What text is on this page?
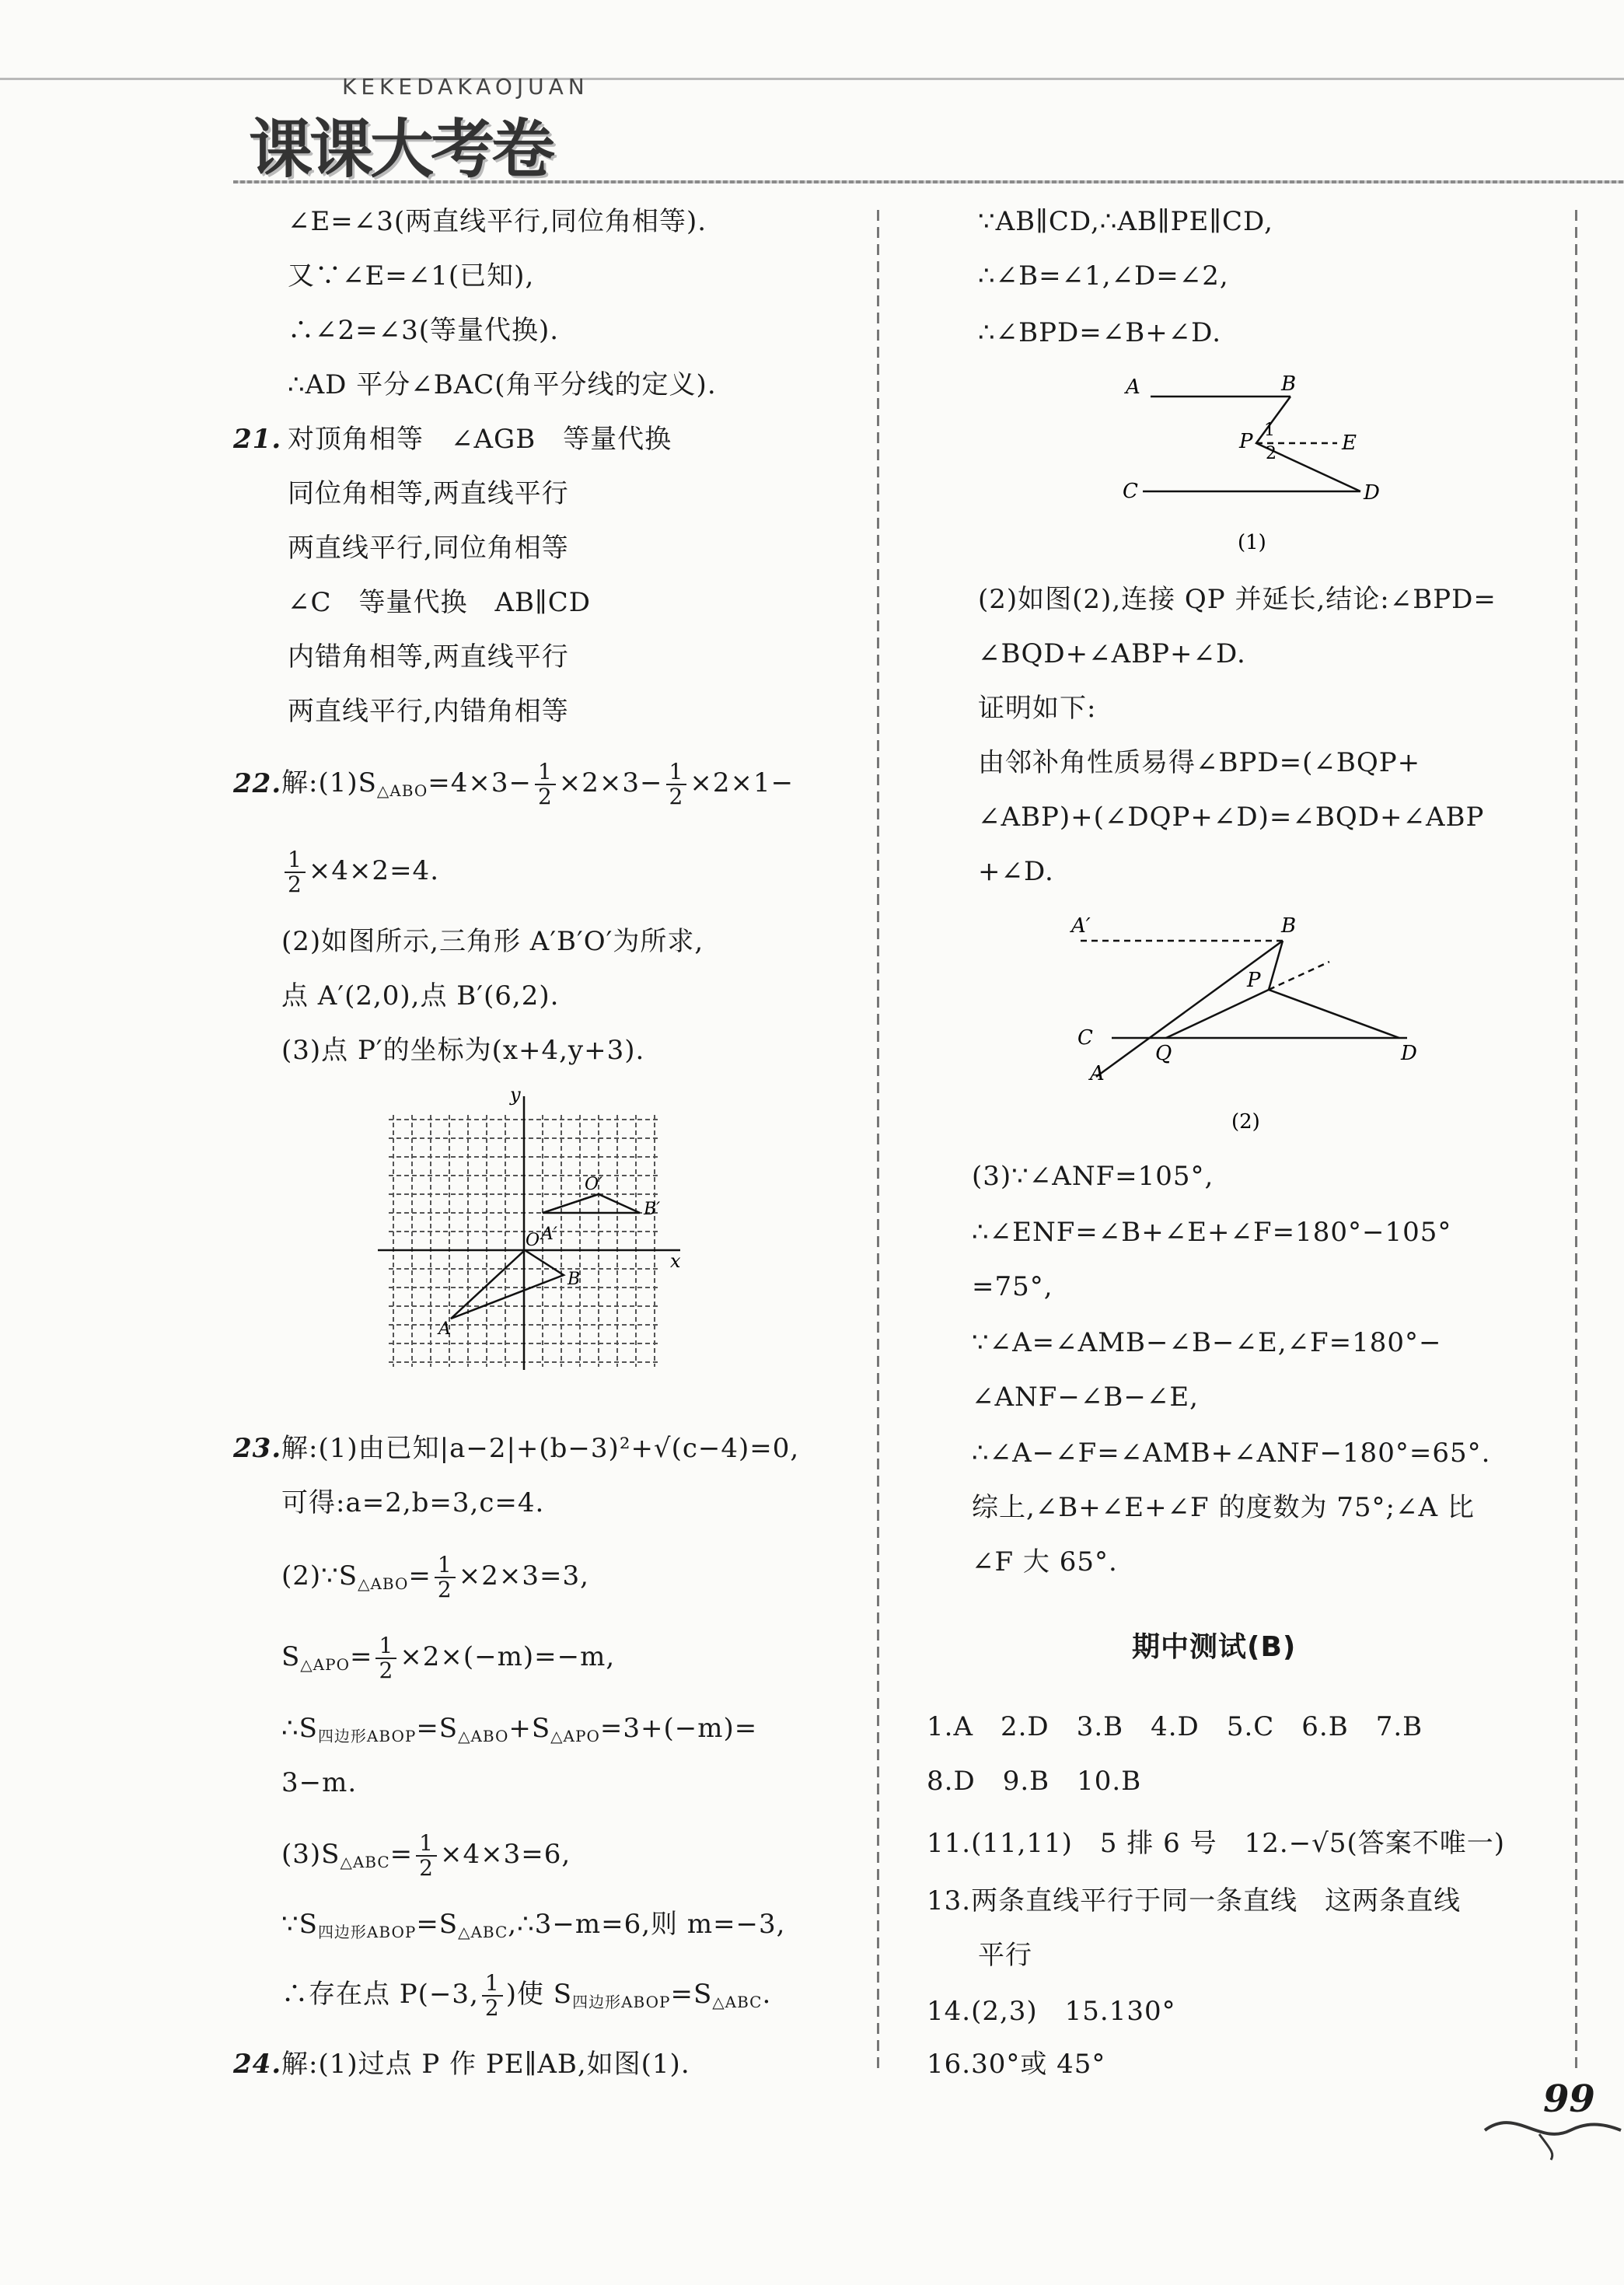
KEKEDAKAOJUAN
课课大考卷
∠E=∠3(两直线平行,同位角相等).
又∵∠E=∠1(已知),
∴∠2=∠3(等量代换).
∴AD 平分∠BAC(角平分线的定义).
21. 对顶角相等　∠AGB　等量代换
同位角相等,两直线平行
两直线平行,同位角相等
∠C　等量代换　AB∥CD
内错角相等,两直线平行
两直线平行,内错角相等
22. 解$:(1)S_{\triangle ABO}=4\times 3- \frac{1}{2} \times 2\times 3- \frac{1}{2} \times 2\times 1-$
$\frac{1}{2} \times 4\times 2=4$.
(2)如图所示,三角形 A′B′O′为所求,
点 A′(2,0),点 B′(6,2).
(3)点 P′的坐标为(x+4,y+3).
y
x
O A′
B
A
O′
B′
23. 解:(1)由已知|a−2|+(b−3)²+√(c−4)=0,
可得:a=2,b=3,c=4.
$(2)\because S_{\triangle ABO}= \frac{1}{2} \times 2\times 3=3$,
$S_{\triangle APO}= \frac{1}{2} \times 2\times(-m)=-m$,
$\therefore S_{四边形ABOP}=S_{\triangle ABO}+S_{\triangle APO}=3+(-m)=$
3−m.
$(3)S_{\triangle ABC}= \frac{1}{2} \times 4\times 3=6$,
$\because S_{四边形ABOP}=S_{\triangle ABC},\therefore 3-m=6$,则 m=−3,
∴存在点 P(−3, $\frac{1}{2}$ )使 $S_{四边形ABOP}=S_{\triangle ABC}$.
24. 解:(1)过点 P 作 PE∥AB,如图(1).
∵AB∥CD,∴AB∥PE∥CD,
∴∠B=∠1,∠D=∠2,
∴∠BPD=∠B+∠D.
A	B
P 1
2	E
C	D
(1)
(2)如图(2),连接 QP 并延长,结论:∠BPD=
∠BQD+∠ABP+∠D.
证明如下:
由邻补角性质易得∠BPD=(∠BQP+
∠ABP)+(∠DQP+∠D)=∠BQD+∠ABP
+∠D.
A′	B
P
C
Q	D
A
(2)
(3)∵∠ANF=105°,
∴∠ENF=∠B+∠E+∠F=180°−105°
=75°,
∵∠A=∠AMB−∠B−∠E,∠F=180°−
∠ANF−∠B−∠E,
∴∠A−∠F=∠AMB+∠ANF−180°=65°.
综上,∠B+∠E+∠F 的度数为 75°;∠A 比
∠F 大 65°.
期中测试(B)
1.A　2.D　3.B　4.D　5.C　6.B　7.B
8.D　9.B　10.B
11.(11,11)　5 排 6 号　12.−√5(答案不唯一)
13.两条直线平行于同一条直线　这两条直线
平行
14.(2,3)　15.130°
16.30°或 45°
99
